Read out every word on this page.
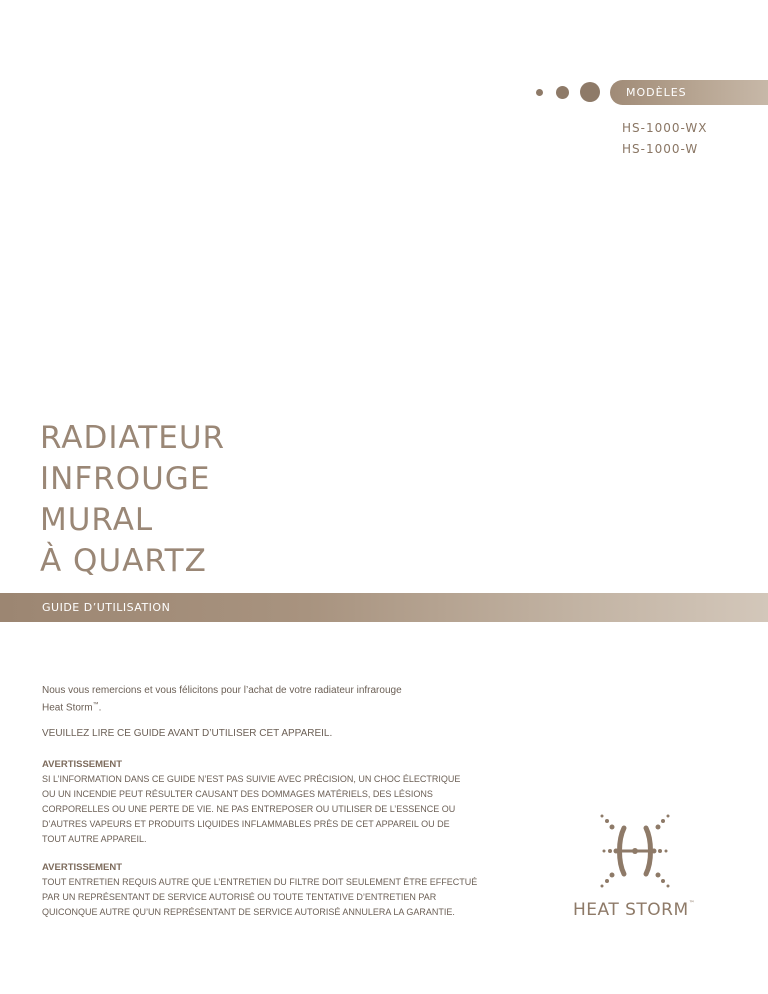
MODÈLES
HS-1000-WX
HS-1000-W
RADIATEUR
INFROUGE
MURAL
À QUARTZ
GUIDE D’UTILISATION
Nous vous remercions et vous félicitons pour l’achat de votre radiateur infrarouge
Heat Storm™.
VEUILLEZ LIRE CE GUIDE AVANT D’UTILISER CET APPAREIL.
AVERTISSEMENT
SI L’INFORMATION DANS CE GUIDE N’EST PAS SUIVIE AVEC PRÉCISION, UN CHOC ÉLECTRIQUE
OU UN INCENDIE PEUT RÉSULTER CAUSANT DES DOMMAGES MATÉRIELS, DES LÉSIONS
CORPORELLES OU UNE PERTE DE VIE. NE PAS ENTREPOSER OU UTILISER DE L’ESSENCE OU
D’AUTRES VAPEURS ET PRODUITS LIQUIDES INFLAMMABLES PRÈS DE CET APPAREIL OU DE
TOUT AUTRE APPAREIL.
AVERTISSEMENT
TOUT ENTRETIEN REQUIS AUTRE QUE L’ENTRETIEN DU FILTRE DOIT SEULEMENT ÊTRE EFFECTUÉ
PAR UN REPRÉSENTANT DE SERVICE AUTORISÉ OU TOUTE TENTATIVE D’ENTRETIEN PAR
QUICONQUE AUTRE QU’UN REPRÉSENTANT DE SERVICE AUTORISÉ ANNULERA LA GARANTIE.	HEAT STORM™
